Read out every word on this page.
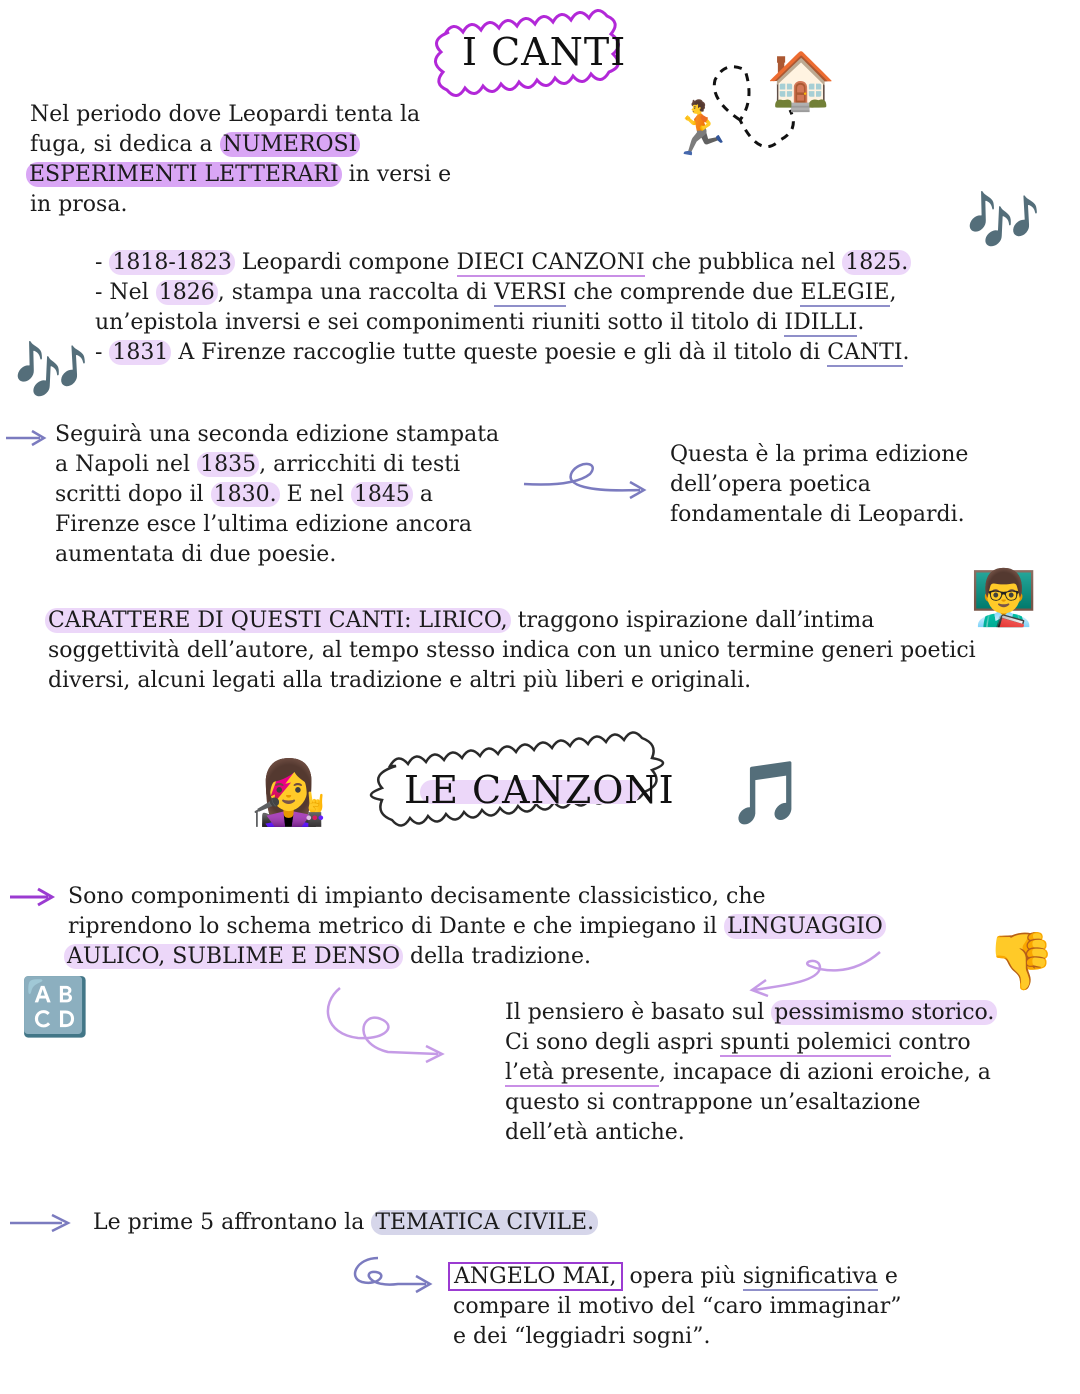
I CANTI
🏃
🏠
🎶
Nel periodo dove Leopardi tenta la
fuga, si dedica a NUMEROSI
ESPERIMENTI LETTERARI in versi e
in prosa.
- 1818-1823 Leopardi compone DIECI CANZONI che pubblica nel 1825.
- Nel 1826 , stampa una raccolta di VERSI che comprende due ELEGIE,
un’epistola inversi e sei componimenti riuniti sotto il titolo di IDILLI.
🎶 - 1831 A Firenze raccoglie tutte queste poesie e gli dà il titolo di CANTI.
Seguirà una seconda edizione stampata
a Napoli nel 1835 , arricchiti di testi
scritti dopo il 1830. E nel 1845 a
Firenze esce l’ultima edizione ancora
aumentata di due poesie.
Questa è la prima edizione
dell’opera poetica
fondamentale di Leopardi.
👨‍🏫
CARATTERE DI QUESTI CANTI: LIRICO, traggono ispirazione dall’intima
soggettività dell’autore, al tempo stesso indica con un unico termine generi poetici
diversi, alcuni legati alla tradizione e altri più liberi e originali.
👩‍🎤 LE CANZONI 🎵
Sono componimenti di impianto decisamente classicistico, che
riprendono lo schema metrico di Dante e che impiegano il LINGUAGGIO
AULICO, SUBLIME E DENSO della tradizione.
🔠
👎
Il pensiero è basato sul pessimismo storico.
Ci sono degli aspri spunti polemici contro
l’età presente, incapace di azioni eroiche, a
questo si contrappone un’esaltazione
dell’età antiche.
Le prime 5 affrontano la TEMATICA CIVILE.
ANGELO MAI, opera più significativa e
compare il motivo del “caro immaginar”
e dei “leggiadri sogni”.
